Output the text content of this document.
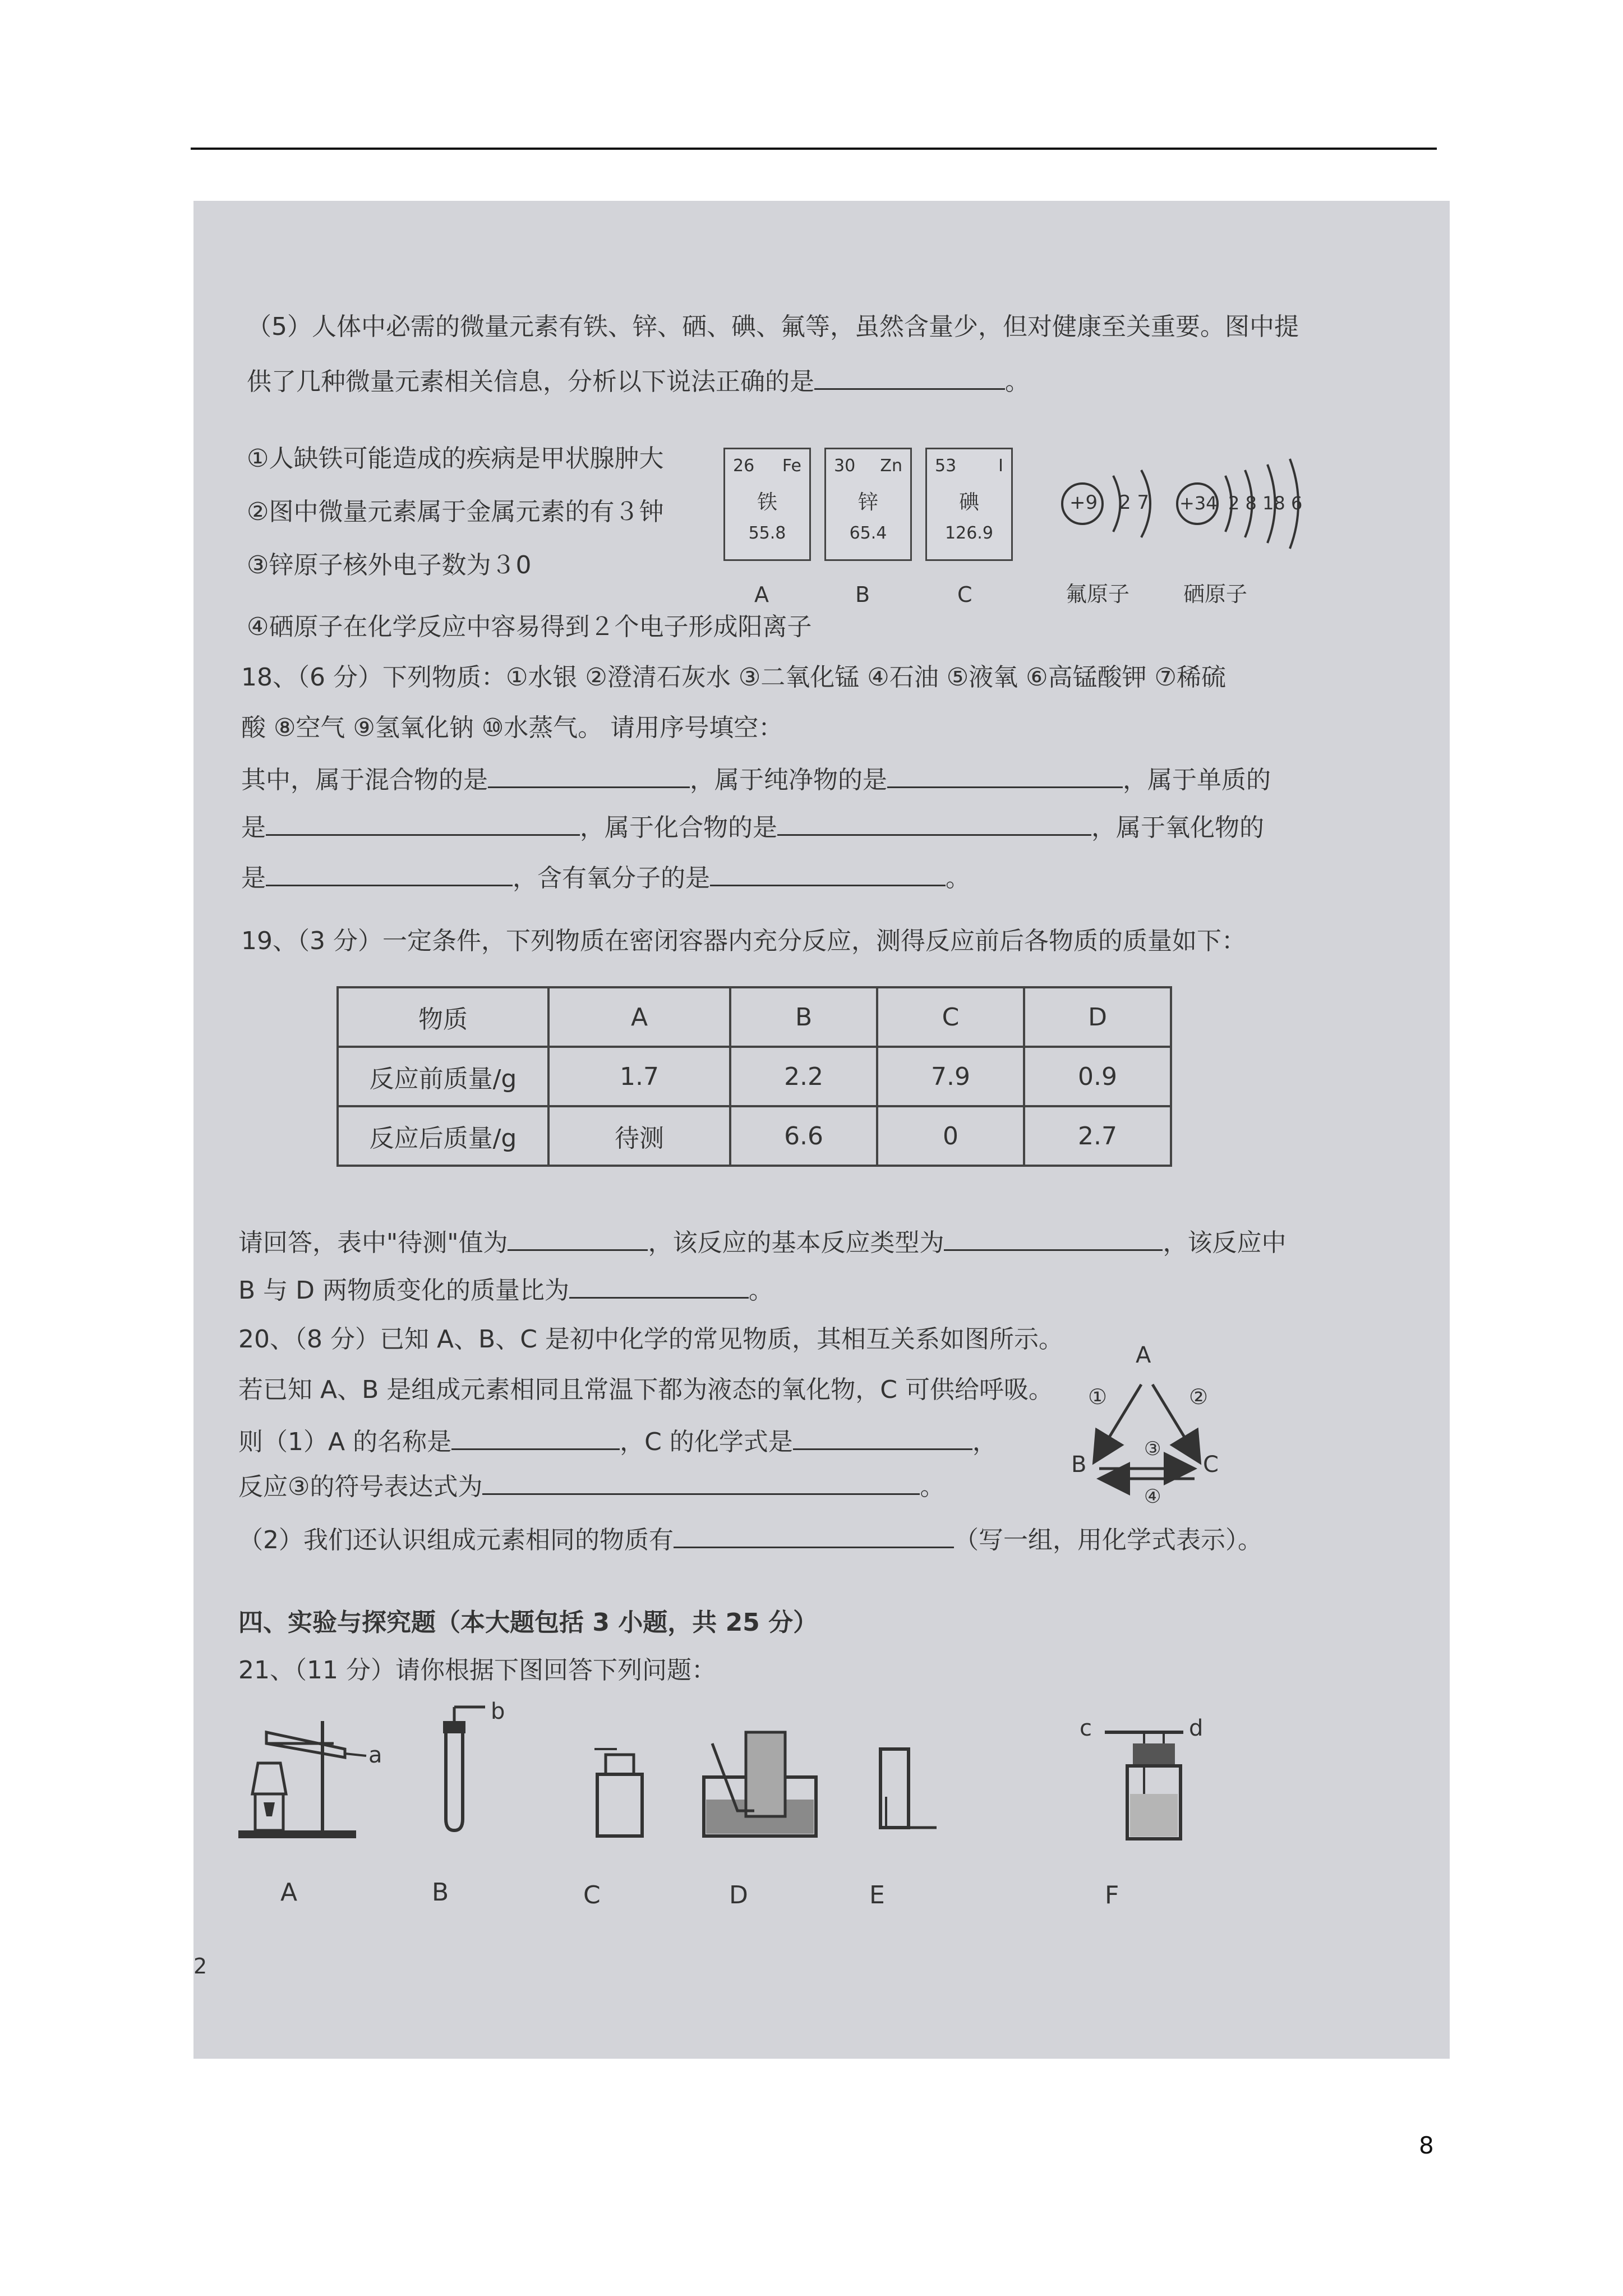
（5）人体中必需的微量元素有铁、锌、硒、碘、氟等，虽然含量少，但对健康至关重要。图中提
供了几种微量元素相关信息，分析以下说法正确的是	。
①人缺铁可能造成的疾病是甲状腺肿大
②图中微量元素属于金属元素的有３钟
③锌原子核外电子数为３0
④硒原子在化学反应中容易得到２个电子形成阳离子
26 Fe
铁
55.8
30 Zn
锌
65.4
53 I
碘
126.9
A	B	C
+9 2 7
氟原子
+34 2 8 18 6
硒原子
18、（6 分）下列物质：①水银 ②澄清石灰水 ③二氧化锰 ④石油 ⑤液氧 ⑥高锰酸钾 ⑦稀硫
酸 ⑧空气 ⑨氢氧化钠 ⑩水蒸气。 请用序号填空：
其中，属于混合物的是	，属于纯净物的是	，属于单质的
是	，属于化合物的是	，属于氧化物的
是	，含有氧分子的是	。
19、（3 分）一定条件，下列物质在密闭容器内充分反应，测得反应前后各物质的质量如下：
物质	A	B	C	D
反应前质量/g	1.7	2.2	7.9	0.9
反应后质量/g	待测	6.6	0	2.7
请回答，表中"待测"值为	，该反应的基本反应类型为	，该反应中
B 与 D 两物质变化的质量比为	。
20、（8 分）已知 A、B、C 是初中化学的常见物质，其相互关系如图所示。
若已知 A、B 是组成元素相同且常温下都为液态的氧化物，C 可供给呼吸。
则（1）A 的名称是	，C 的化学式是	，
反应③的符号表达式为	。
（2）我们还认识组成元素相同的物质有	（写一组，用化学式表示）。
A
B	C
①	②
③
④
四、实验与探究题（本大题包括 3 小题，共 25 分）
21、（11 分）请你根据下图回答下列问题：
a
b
c	d
A	B	C	D	E	F
2
8
